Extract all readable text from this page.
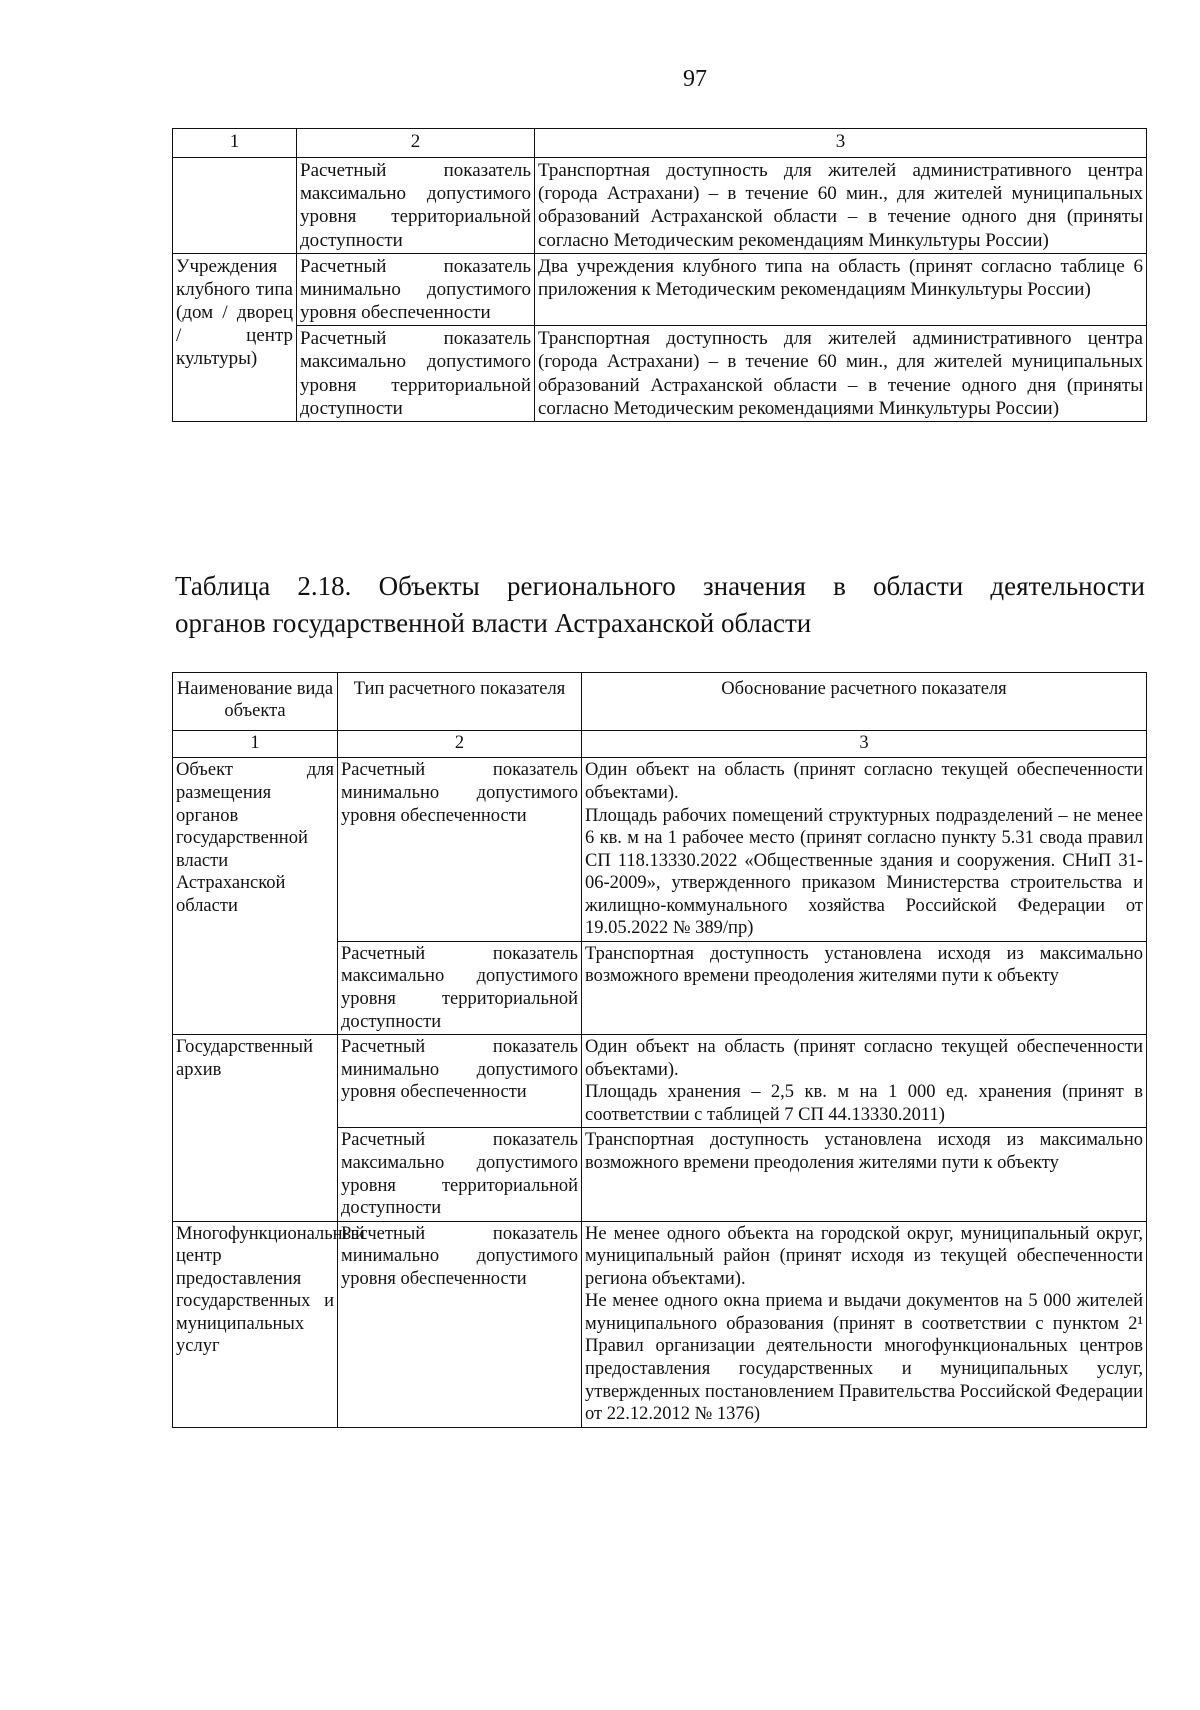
97
1	2	3
	Расчетный показатель максимально допустимого уровня территориальной доступности	Транспортная доступность для жителей административного центра (города Астрахани) – в течение 60 мин., для жителей муниципальных образований Астраханской области – в течение одного дня (приняты согласно Методическим рекомендациям Минкультуры России)
Учреждения клубного типа (дом / дворец / центр культуры)	Расчетный показатель минимально допустимого уровня обеспеченности	Два учреждения клубного типа на область (принят согласно таблице 6 приложения к Методическим рекомендациям Минкультуры России)
	Расчетный показатель максимально допустимого уровня территориальной доступности	Транспортная доступность для жителей административного центра (города Астрахани) – в течение 60 мин., для жителей муниципальных образований Астраханской области – в течение одного дня (приняты согласно Методическим рекомендациями Минкультуры России)
Таблица 2.18. Объекты регионального значения в области деятельности
органов государственной власти Астраханской области
Наименование вида объекта	Тип расчетного показателя	Обоснование расчетного показателя
1	2	3
Объект для размещения органов государственной власти Астраханской области	Расчетный показатель минимально допустимого уровня обеспеченности	Один объект на область (принят согласно текущей обеспеченности объектами).
Площадь рабочих помещений структурных подразделений – не менее 6 кв. м на 1 рабочее место (принят согласно пункту 5.31 свода правил СП 118.13330.2022 «Общественные здания и сооружения. СНиП 31-06-2009», утвержденного приказом Министерства строительства и жилищно-коммунального хозяйства Российской Федерации от 19.05.2022 № 389/пр)

	Расчетный показатель максимально допустимого уровня территориальной доступности	Транспортная доступность установлена исходя из максимально возможного времени преодоления жителями пути к объекту

Государственный архив	Расчетный показатель минимально допустимого уровня обеспеченности	Один объект на область (принят согласно текущей обеспеченности объектами).
Площадь хранения – 2,5 кв. м на 1 000 ед. хранения (принят в соответствии с таблицей 7 СП 44.13330.2011)

	Расчетный показатель максимально допустимого уровня территориальной доступности	Транспортная доступность установлена исходя из максимально возможного времени преодоления жителями пути к объекту

Многофункциональный центр предоставления государственных и муниципальных услуг	Расчетный показатель минимально допустимого уровня обеспеченности	Не менее одного объекта на городской округ, муниципальный округ, муниципальный район (принят исходя из текущей обеспеченности региона объектами).
Не менее одного окна приема и выдачи документов на 5 000 жителей муниципального образования (принят в соответствии с пунктом 2¹ Правил организации деятельности многофункциональных центров предоставления государственных и муниципальных услуг, утвержденных постановлением Правительства Российской Федерации от 22.12.2012 № 1376)
